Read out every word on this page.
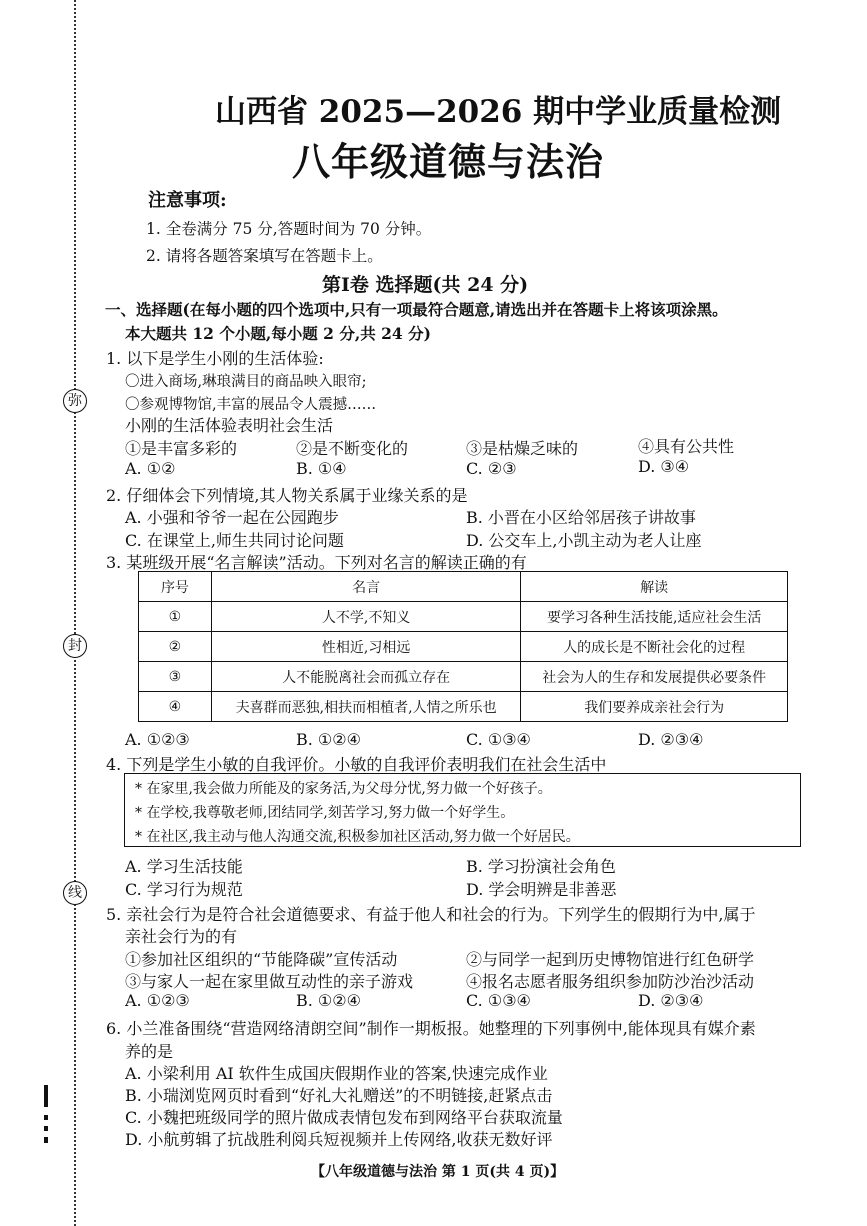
弥
封
线
山西省 2025—2026 期中学业质量检测
八年级道德与法治
注意事项:
1. 全卷满分 75 分,答题时间为 70 分钟。
2. 请将各题答案填写在答题卡上。
第Ⅰ卷 选择题(共 24 分)
一、选择题(在每小题的四个选项中,只有一项最符合题意,请选出并在答题卡上将该项涂黑。
本大题共 12 个小题,每小题 2 分,共 24 分)
1. 以下是学生小刚的生活体验:
〇进入商场,琳琅满目的商品映入眼帘;
〇参观博物馆,丰富的展品令人震撼……
小刚的生活体验表明社会生活
①是丰富多彩的	②是不断变化的	③是枯燥乏味的	④具有公共性
A. ①②	B. ①④	C. ②③	D. ③④
2. 仔细体会下列情境,其人物关系属于业缘关系的是
A. 小强和爷爷一起在公园跑步	B. 小晋在小区给邻居孩子讲故事
C. 在课堂上,师生共同讨论问题	D. 公交车上,小凯主动为老人让座
3. 某班级开展“名言解读”活动。下列对名言的解读正确的有
序号	名言	解读
①	人不学,不知义	要学习各种生活技能,适应社会生活
②	性相近,习相远	人的成长是不断社会化的过程
③	人不能脱离社会而孤立存在	社会为人的生存和发展提供必要条件
④	夫喜群而恶独,相扶而相植者,人情之所乐也	我们要养成亲社会行为
A. ①②③	B. ①②④	C. ①③④	D. ②③④
4. 下列是学生小敏的自我评价。小敏的自我评价表明我们在社会生活中
* 在家里,我会做力所能及的家务活,为父母分忧,努力做一个好孩子。
* 在学校,我尊敬老师,团结同学,刻苦学习,努力做一个好学生。
* 在社区,我主动与他人沟通交流,积极参加社区活动,努力做一个好居民。
A. 学习生活技能	B. 学习扮演社会角色
C. 学习行为规范	D. 学会明辨是非善恶
5. 亲社会行为是符合社会道德要求、有益于他人和社会的行为。下列学生的假期行为中,属于
亲社会行为的有
①参加社区组织的“节能降碳”宣传活动	②与同学一起到历史博物馆进行红色研学
③与家人一起在家里做互动性的亲子游戏	④报名志愿者服务组织参加防沙治沙活动
A. ①②③	B. ①②④	C. ①③④	D. ②③④
6. 小兰准备围绕“营造网络清朗空间”制作一期板报。她整理的下列事例中,能体现具有媒介素
养的是
A. 小梁利用 AI 软件生成国庆假期作业的答案,快速完成作业
B. 小瑞浏览网页时看到“好礼大礼赠送”的不明链接,赶紧点击
C. 小魏把班级同学的照片做成表情包发布到网络平台获取流量
D. 小航剪辑了抗战胜利阅兵短视频并上传网络,收获无数好评
【八年级道德与法治 第 1 页(共 4 页)】
